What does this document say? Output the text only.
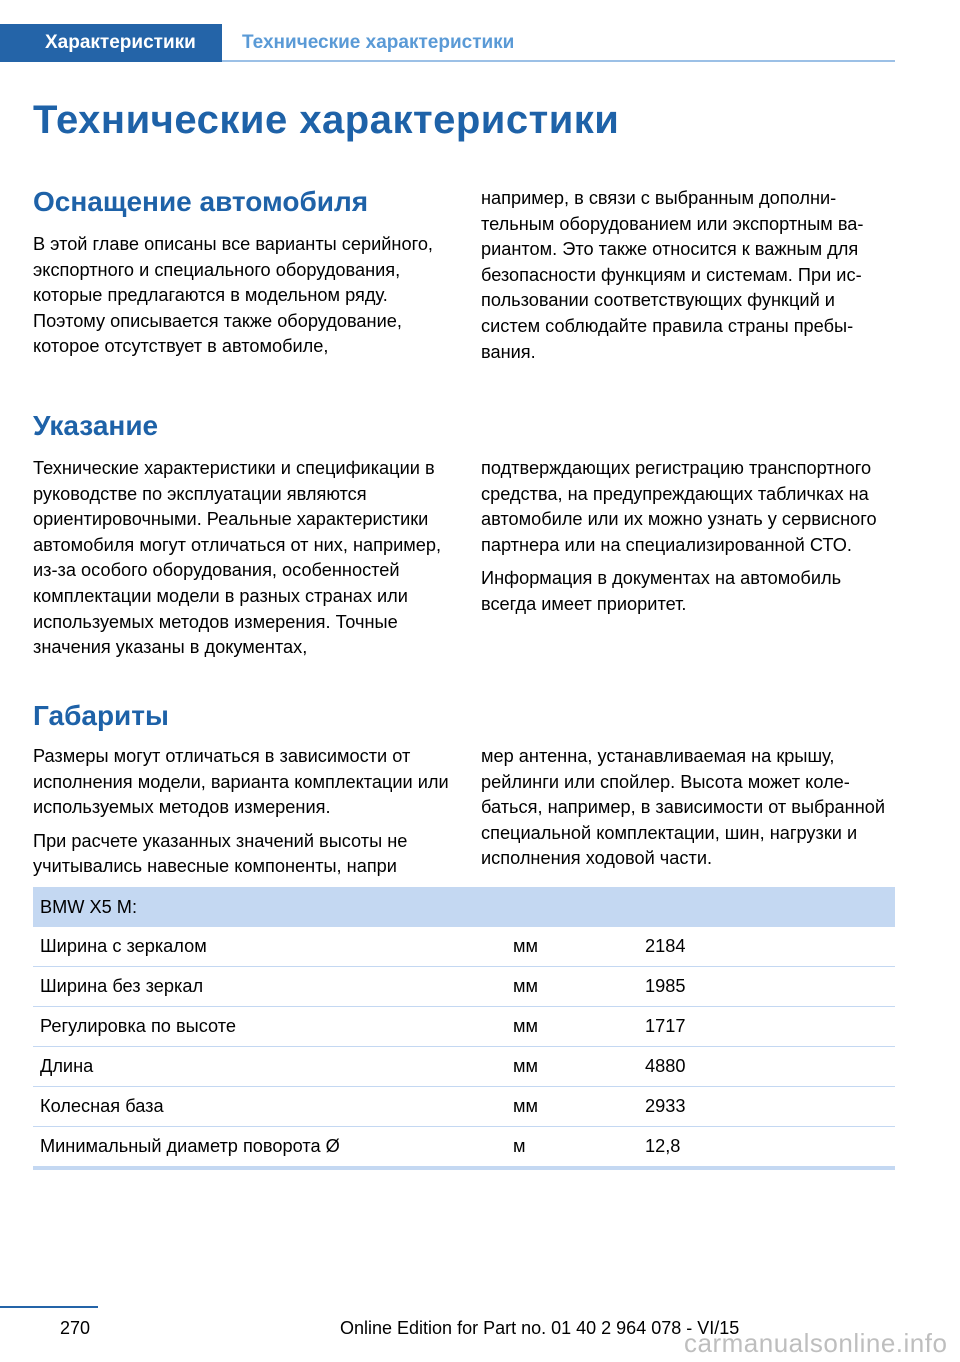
Характеристики	Технические характеристики
Технические характеристики
Оснащение автомобиля

В этой главе описаны все варианты серийного, экспортного и специального оборудования, которые предлагаются в модельном ряду. Поэтому описывается также оборудование, которое отсутствует в автомобиле,

например, в связи с выбранным дополнительным оборудованием или экспортным вариантом. Это также относится к важным для безопасности функциям и системам. При использовании соответствующих функций и систем соблюдайте правила страны пребывания.

Указание

Технические характеристики и спецификации в руководстве по эксплуатации являются ориентировочными. Реальные характеристики автомобиля могут отличаться от них, например, из-за особого оборудования, особенностей комплектации модели в разных странах или используемых методов измерения. Точные значения указаны в документах,

подтверждающих регистрацию транспортного средства, на предупреждающих табличках на автомобиле или их можно узнать у сервисного партнера или на специализированной СТО.

Информация в документах на автомобиль всегда имеет приоритет.

Габариты

Размеры могут отличаться в зависимости от исполнения модели, варианта комплектации или используемых методов измерения.

При расчете указанных значений высоты не учитывались навесные компоненты, напри

мер антенна, устанавливаемая на крышу, рейлинги или спойлер. Высота может колебаться, например, в зависимости от выбранной специальной комплектации, шин, нагрузки и исполнения ходовой части.

BMW X5 M:		
Ширина с зеркалом	мм	2184
Ширина без зеркал	мм	1985
Регулировка по высоте	мм	1717
Длина	мм	4880
Колесная база	мм	2933
Минимальный диаметр поворота Ø	м	12,8
270	Online Edition for Part no. 01 40 2 964 078 - VI/15
carmanualsonline.info
